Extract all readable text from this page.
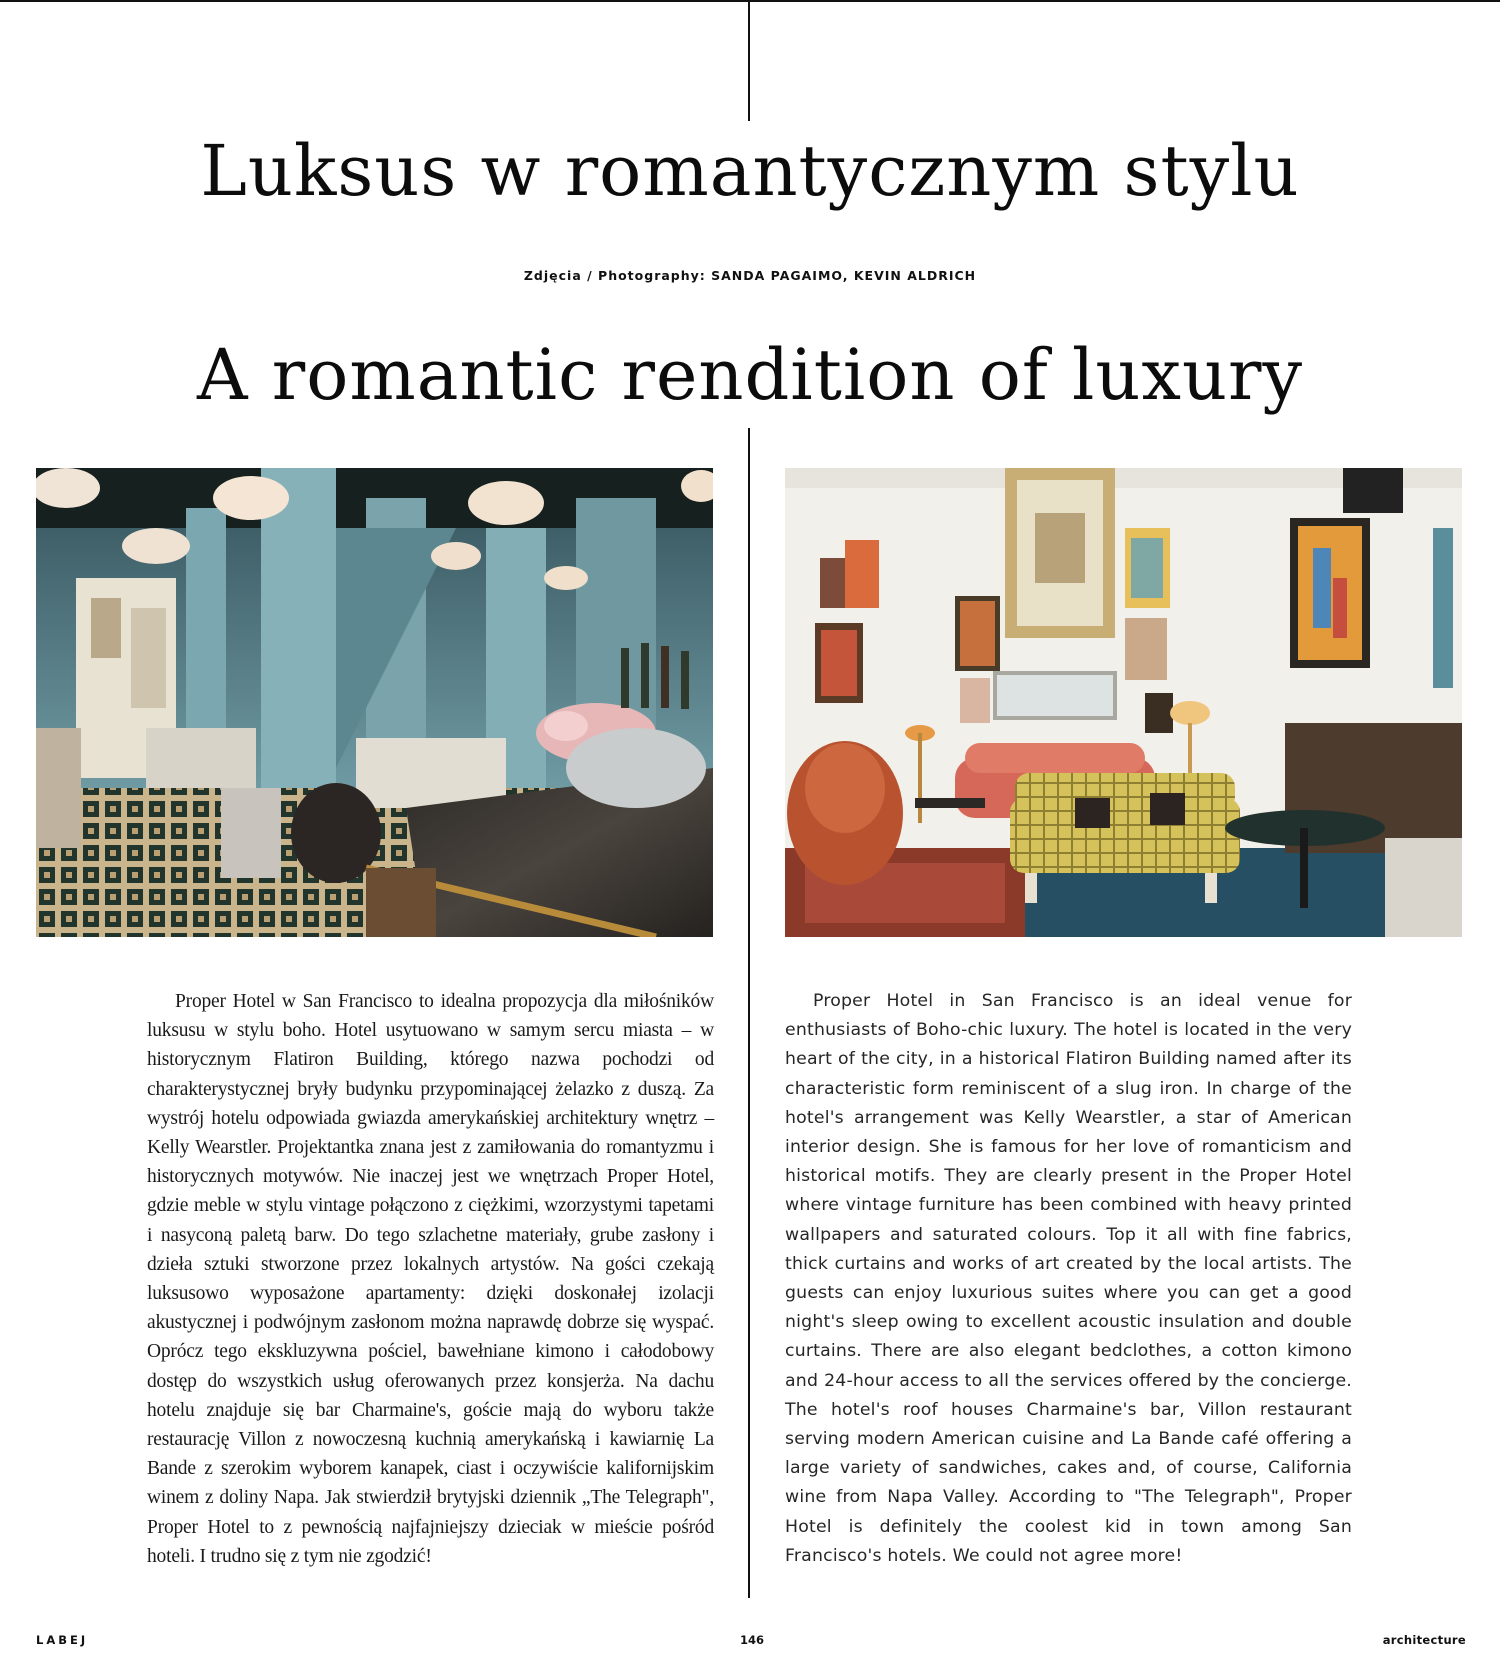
Luksus w romantycznym stylu
Zdjęcia / Photography: SANDA PAGAIMO, KEVIN ALDRICH
A romantic rendition of luxury

Proper Hotel w San Francisco to idealna propozycja dla miłośników luksusu w stylu boho. Hotel usytuowano w samym sercu miasta – w historycznym Flatiron Building, którego nazwa pochodzi od charakterystycznej bryły budynku przypominającej żelazko z duszą. Za wystrój hotelu odpowiada gwiazda amerykańskiej architektury wnętrz – Kelly Wearstler. Projektantka znana jest z zamiłowania do romantyzmu i historycznych motywów. Nie inaczej jest we wnętrzach Proper Hotel, gdzie meble w stylu vintage połączono z ciężkimi, wzorzystymi tapetami i nasyconą paletą barw. Do tego szlachetne materiały, grube zasłony i dzieła sztuki stworzone przez lokalnych artystów. Na gości czekają luksusowo wyposażone apartamenty: dzięki doskonałej izolacji akustycznej i podwójnym zasłonom można naprawdę dobrze się wyspać. Oprócz tego ekskluzywna pościel, bawełniane kimono i całodobowy dostęp do wszystkich usług oferowanych przez konsjerża. Na dachu hotelu znajduje się bar Charmaine's, goście mają do wyboru także restaurację Villon z nowoczesną kuchnią amerykańską i kawiarnię La Bande z szerokim wyborem kanapek, ciast i oczywiście kalifornijskim winem z doliny Napa. Jak stwierdził brytyjski dziennik „The Telegraph", Proper Hotel to z pewnością najfajniejszy dzieciak w mieście pośród hoteli. I trudno się z tym nie zgodzić!

Proper Hotel in San Francisco is an ideal venue for enthusiasts of Boho-chic luxury. The hotel is located in the very heart of the city, in a historical Flatiron Building named after its characteristic form reminiscent of a slug iron. In charge of the hotel's arrangement was Kelly Wearstler, a star of American interior design. She is famous for her love of romanticism and historical motifs. They are clearly present in the Proper Hotel where vintage furniture has been combined with heavy printed wallpapers and saturated colours. Top it all with fine fabrics, thick curtains and works of art created by the local artists. The guests can enjoy luxurious suites where you can get a good night's sleep owing to excellent acoustic insulation and double curtains. There are also elegant bedclothes, a cotton kimono and 24-hour access to all the services offered by the concierge. The hotel's roof houses Charmaine's bar, Villon restaurant serving modern American cuisine and La Bande café offering a large variety of sandwiches, cakes and, of course, California wine from Napa Valley. According to "The Telegraph", Proper Hotel is definitely the coolest kid in town among San Francisco's hotels. We could not agree more!

LABEJ	146	architecture
